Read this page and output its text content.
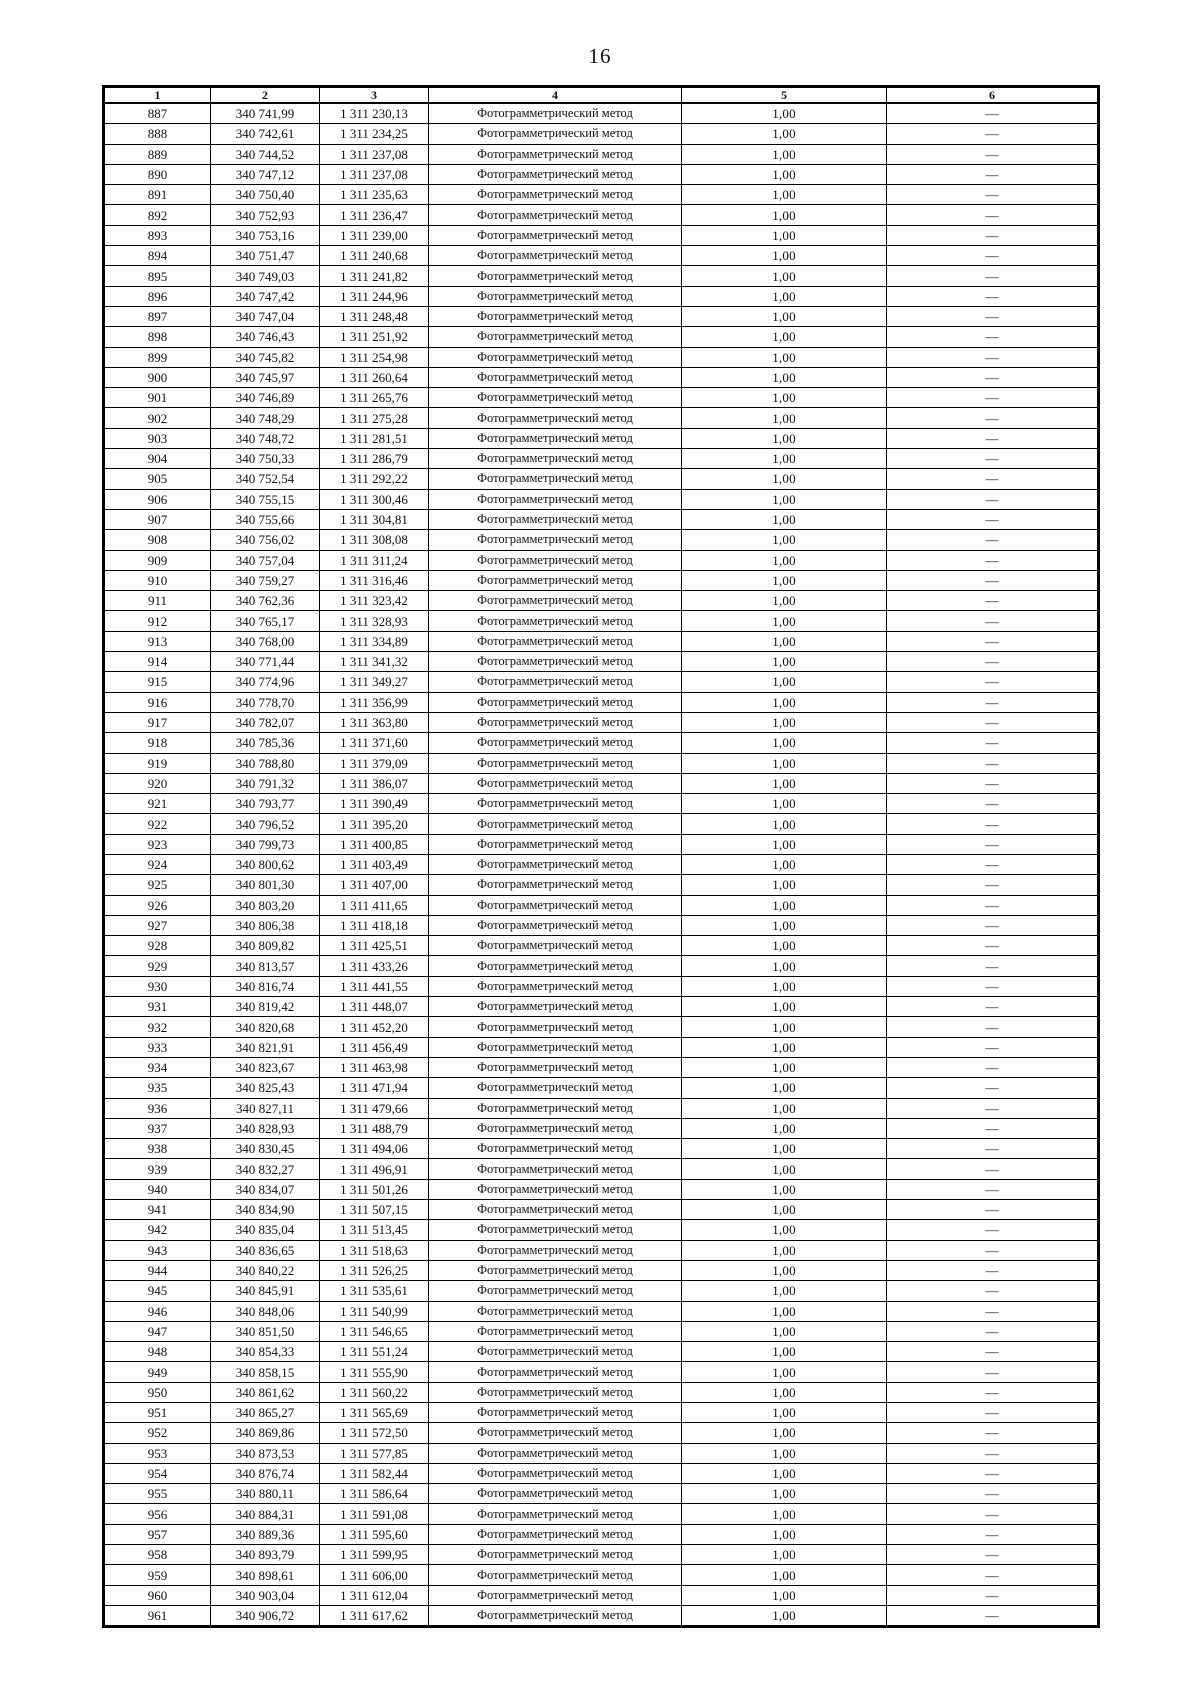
16
1	2	3	4	5	6
887	340 741,99	1 311 230,13	Фотограмметрический метод	1,00	—
888	340 742,61	1 311 234,25	Фотограмметрический метод	1,00	—
889	340 744,52	1 311 237,08	Фотограмметрический метод	1,00	—
890	340 747,12	1 311 237,08	Фотограмметрический метод	1,00	—
891	340 750,40	1 311 235,63	Фотограмметрический метод	1,00	—
892	340 752,93	1 311 236,47	Фотограмметрический метод	1,00	—
893	340 753,16	1 311 239,00	Фотограмметрический метод	1,00	—
894	340 751,47	1 311 240,68	Фотограмметрический метод	1,00	—
895	340 749,03	1 311 241,82	Фотограмметрический метод	1,00	—
896	340 747,42	1 311 244,96	Фотограмметрический метод	1,00	—
897	340 747,04	1 311 248,48	Фотограмметрический метод	1,00	—
898	340 746,43	1 311 251,92	Фотограмметрический метод	1,00	—
899	340 745,82	1 311 254,98	Фотограмметрический метод	1,00	—
900	340 745,97	1 311 260,64	Фотограмметрический метод	1,00	—
901	340 746,89	1 311 265,76	Фотограмметрический метод	1,00	—
902	340 748,29	1 311 275,28	Фотограмметрический метод	1,00	—
903	340 748,72	1 311 281,51	Фотограмметрический метод	1,00	—
904	340 750,33	1 311 286,79	Фотограмметрический метод	1,00	—
905	340 752,54	1 311 292,22	Фотограмметрический метод	1,00	—
906	340 755,15	1 311 300,46	Фотограмметрический метод	1,00	—
907	340 755,66	1 311 304,81	Фотограмметрический метод	1,00	—
908	340 756,02	1 311 308,08	Фотограмметрический метод	1,00	—
909	340 757,04	1 311 311,24	Фотограмметрический метод	1,00	—
910	340 759,27	1 311 316,46	Фотограмметрический метод	1,00	—
911	340 762,36	1 311 323,42	Фотограмметрический метод	1,00	—
912	340 765,17	1 311 328,93	Фотограмметрический метод	1,00	—
913	340 768,00	1 311 334,89	Фотограмметрический метод	1,00	—
914	340 771,44	1 311 341,32	Фотограмметрический метод	1,00	—
915	340 774,96	1 311 349,27	Фотограмметрический метод	1,00	—
916	340 778,70	1 311 356,99	Фотограмметрический метод	1,00	—
917	340 782,07	1 311 363,80	Фотограмметрический метод	1,00	—
918	340 785,36	1 311 371,60	Фотограмметрический метод	1,00	—
919	340 788,80	1 311 379,09	Фотограмметрический метод	1,00	—
920	340 791,32	1 311 386,07	Фотограмметрический метод	1,00	—
921	340 793,77	1 311 390,49	Фотограмметрический метод	1,00	—
922	340 796,52	1 311 395,20	Фотограмметрический метод	1,00	—
923	340 799,73	1 311 400,85	Фотограмметрический метод	1,00	—
924	340 800,62	1 311 403,49	Фотограмметрический метод	1,00	—
925	340 801,30	1 311 407,00	Фотограмметрический метод	1,00	—
926	340 803,20	1 311 411,65	Фотограмметрический метод	1,00	—
927	340 806,38	1 311 418,18	Фотограмметрический метод	1,00	—
928	340 809,82	1 311 425,51	Фотограмметрический метод	1,00	—
929	340 813,57	1 311 433,26	Фотограмметрический метод	1,00	—
930	340 816,74	1 311 441,55	Фотограмметрический метод	1,00	—
931	340 819,42	1 311 448,07	Фотограмметрический метод	1,00	—
932	340 820,68	1 311 452,20	Фотограмметрический метод	1,00	—
933	340 821,91	1 311 456,49	Фотограмметрический метод	1,00	—
934	340 823,67	1 311 463,98	Фотограмметрический метод	1,00	—
935	340 825,43	1 311 471,94	Фотограмметрический метод	1,00	—
936	340 827,11	1 311 479,66	Фотограмметрический метод	1,00	—
937	340 828,93	1 311 488,79	Фотограмметрический метод	1,00	—
938	340 830,45	1 311 494,06	Фотограмметрический метод	1,00	—
939	340 832,27	1 311 496,91	Фотограмметрический метод	1,00	—
940	340 834,07	1 311 501,26	Фотограмметрический метод	1,00	—
941	340 834,90	1 311 507,15	Фотограмметрический метод	1,00	—
942	340 835,04	1 311 513,45	Фотограмметрический метод	1,00	—
943	340 836,65	1 311 518,63	Фотограмметрический метод	1,00	—
944	340 840,22	1 311 526,25	Фотограмметрический метод	1,00	—
945	340 845,91	1 311 535,61	Фотограмметрический метод	1,00	—
946	340 848,06	1 311 540,99	Фотограмметрический метод	1,00	—
947	340 851,50	1 311 546,65	Фотограмметрический метод	1,00	—
948	340 854,33	1 311 551,24	Фотограмметрический метод	1,00	—
949	340 858,15	1 311 555,90	Фотограмметрический метод	1,00	—
950	340 861,62	1 311 560,22	Фотограмметрический метод	1,00	—
951	340 865,27	1 311 565,69	Фотограмметрический метод	1,00	—
952	340 869,86	1 311 572,50	Фотограмметрический метод	1,00	—
953	340 873,53	1 311 577,85	Фотограмметрический метод	1,00	—
954	340 876,74	1 311 582,44	Фотограмметрический метод	1,00	—
955	340 880,11	1 311 586,64	Фотограмметрический метод	1,00	—
956	340 884,31	1 311 591,08	Фотограмметрический метод	1,00	—
957	340 889,36	1 311 595,60	Фотограмметрический метод	1,00	—
958	340 893,79	1 311 599,95	Фотограмметрический метод	1,00	—
959	340 898,61	1 311 606,00	Фотограмметрический метод	1,00	—
960	340 903,04	1 311 612,04	Фотограмметрический метод	1,00	—
961	340 906,72	1 311 617,62	Фотограмметрический метод	1,00	—
